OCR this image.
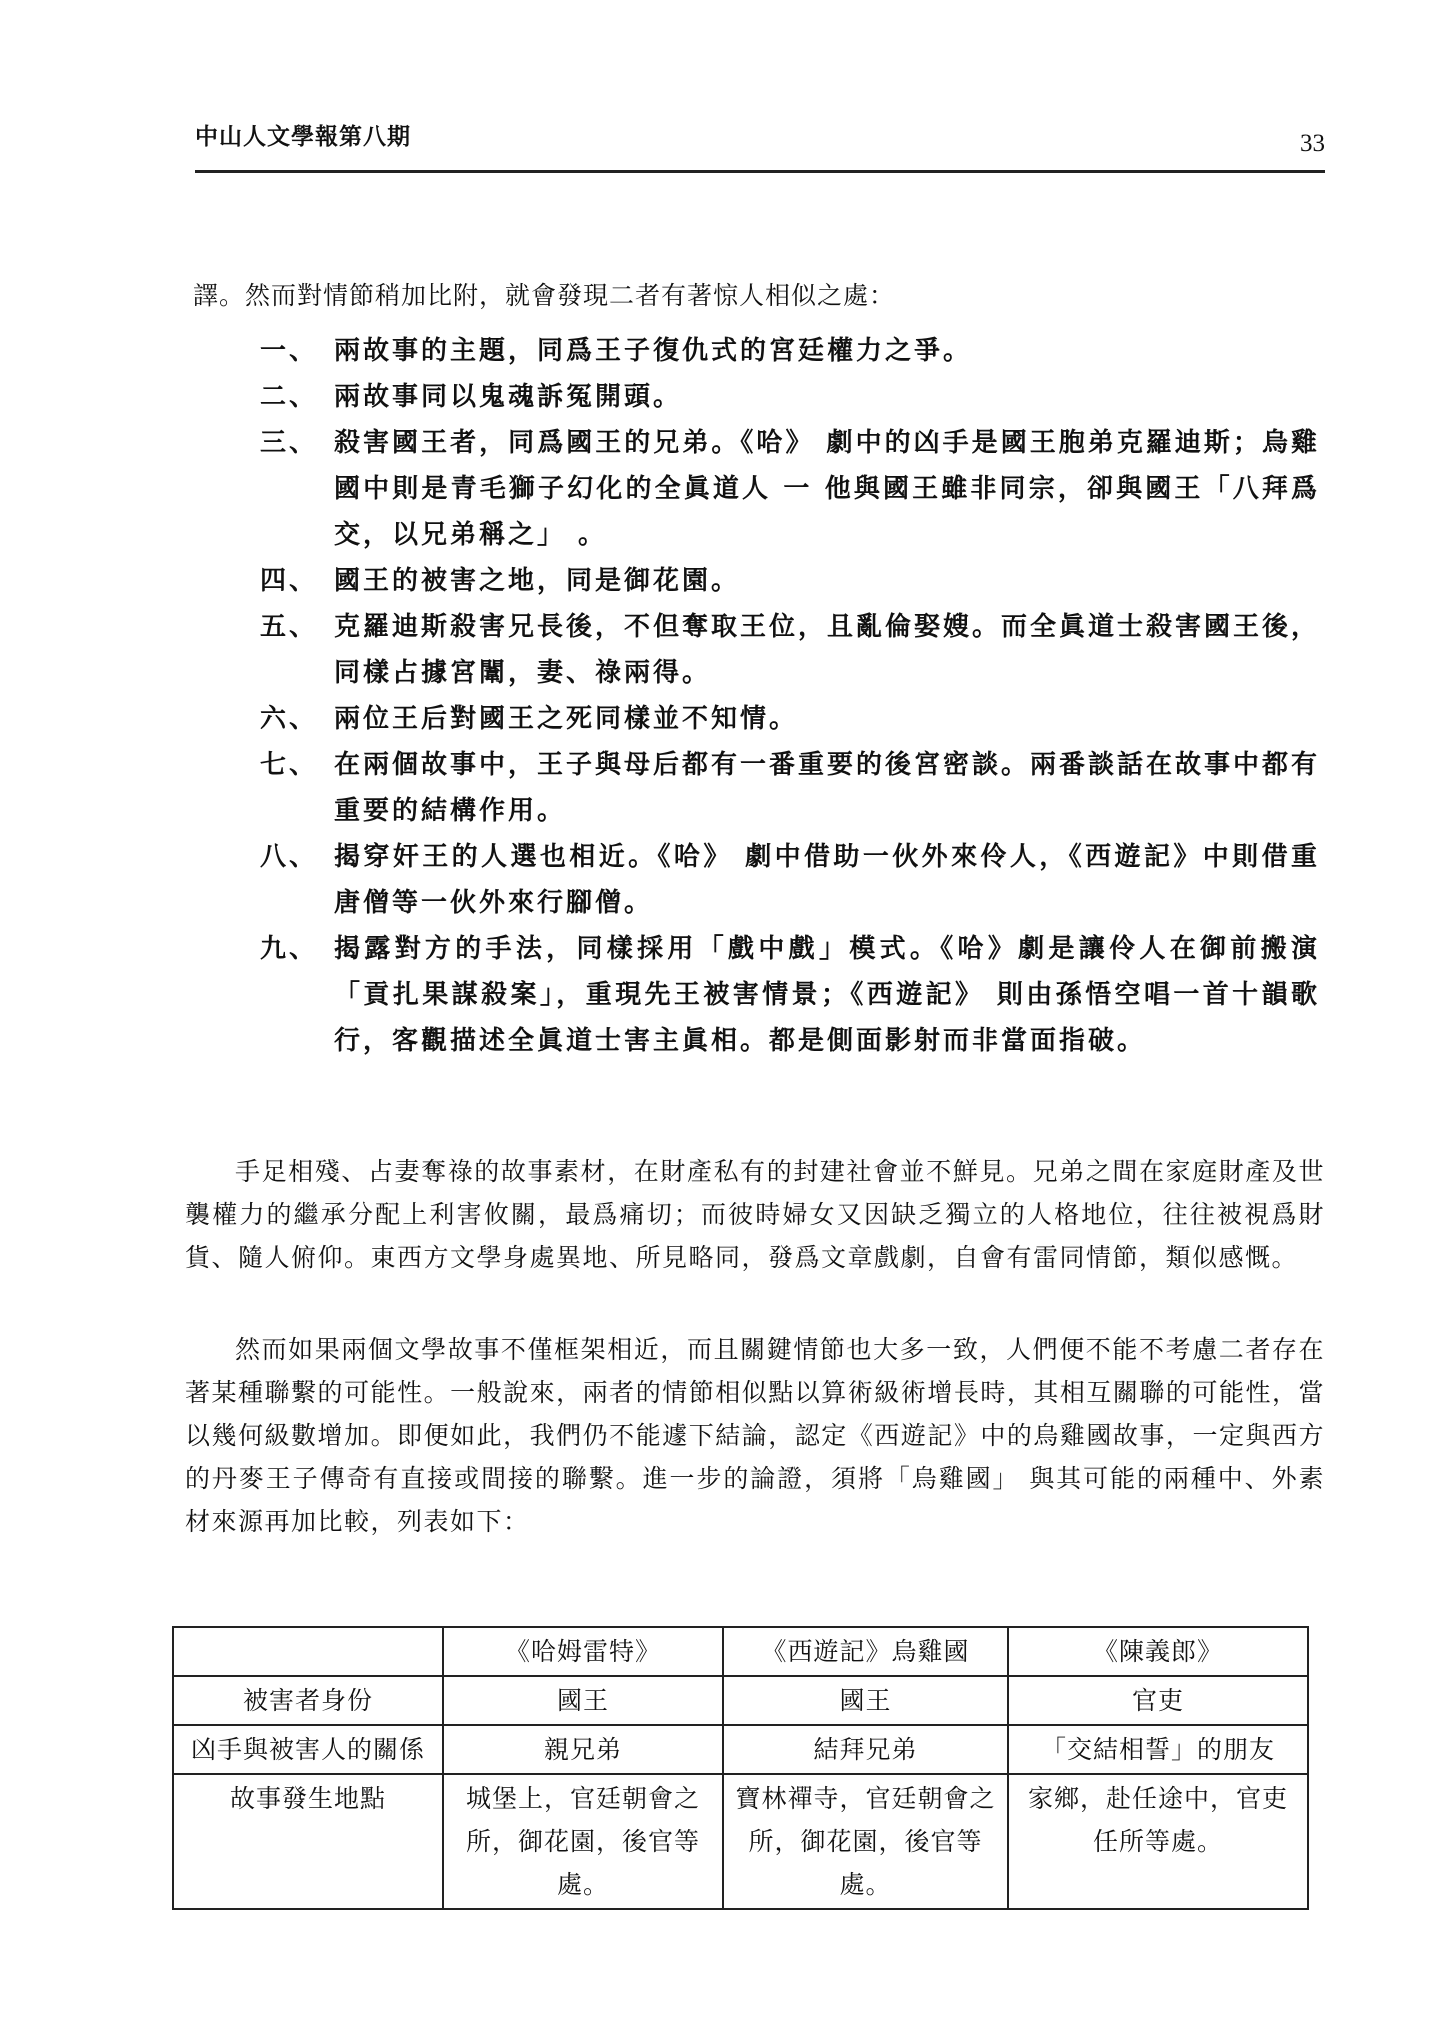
中山人文學報第八期	33
譯。然而對情節稍加比附，就會發現二者有著惊人相似之處：
一、 兩故事的主題，同爲王子復仇式的宮廷權力之爭。
二、 兩故事同以鬼魂訴冤開頭。
三、 殺害國王者，同爲國王的兄弟。《哈》 劇中的凶手是國王胞弟克羅迪斯；烏雞國中則是青毛獅子幻化的全眞道人 一 他與國王雖非同宗，卻與國王「八拜爲交，以兄弟稱之」 。
四、 國王的被害之地，同是御花園。
五、 克羅迪斯殺害兄長後，不但奪取王位，且亂倫娶嫂。而全眞道士殺害國王後，同樣占據宮闈，妻、祿兩得。
六、 兩位王后對國王之死同樣並不知情。
七、 在兩個故事中，王子與母后都有一番重要的後宮密談。兩番談話在故事中都有重要的結構作用。
八、 揭穿奸王的人選也相近。《哈》 劇中借助一伙外來伶人，《西遊記》中則借重唐僧等一伙外來行腳僧。
九、 揭露對方的手法，同樣採用「戲中戲」模式。《哈》劇是讓伶人在御前搬演「貢扎果謀殺案」，重現先王被害情景；《西遊記》 則由孫悟空唱一首十韻歌行，客觀描述全眞道士害主眞相。都是側面影射而非當面指破。

手足相殘、占妻奪祿的故事素材，在財產私有的封建社會並不鮮見。兄弟之間在家庭財產及世襲權力的繼承分配上利害攸關，最爲痛切；而彼時婦女又因缺乏獨立的人格地位，往往被視爲財貨、隨人俯仰。東西方文學身處異地、所見略同，發爲文章戲劇，自會有雷同情節，類似感慨。

然而如果兩個文學故事不僅框架相近，而且關鍵情節也大多一致，人們便不能不考慮二者存在著某種聯繫的可能性。一般說來，兩者的情節相似點以算術級術增長時，其相互關聯的可能性，當以幾何級數增加。即便如此，我們仍不能遽下結論，認定《西遊記》中的烏雞國故事，一定與西方的丹麥王子傳奇有直接或間接的聯繫。進一步的論證，須將「烏雞國」 與其可能的兩種中、外素材來源再加比較，列表如下：

	《哈姆雷特》	《西遊記》烏雞國	《陳義郎》
被害者身份	國王	國王	官吏
凶手與被害人的關係	親兄弟	結拜兄弟	「交結相誓」的朋友
故事發生地點	城堡上，官廷朝會之所，御花園，後官等處。	寶林禪寺，官廷朝會之所，御花園，後官等處。	家鄉，赴任途中，官吏任所等處。
